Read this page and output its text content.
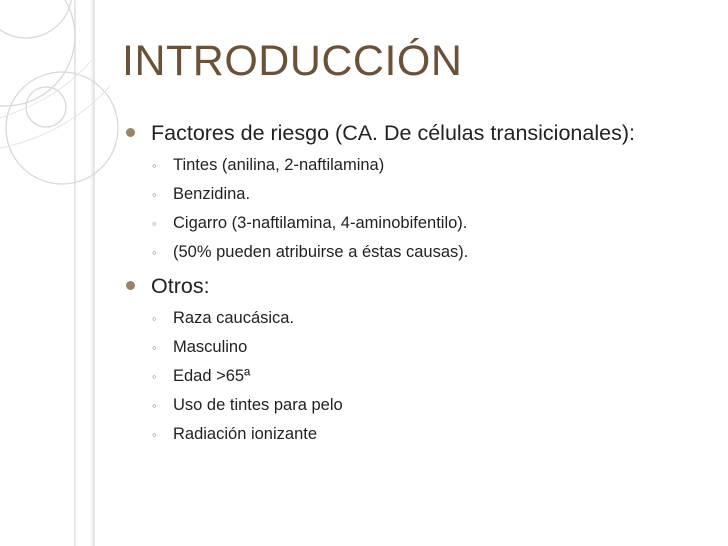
INTRODUCCIÓN
Factores de riesgo (CA. De células transicionales):
◦ Tintes (anilina, 2-naftilamina)
◦ Benzidina.
◦ Cigarro (3-naftilamina, 4-aminobifentilo).
◦ (50% pueden atribuirse a éstas causas).
Otros:
◦ Raza caucásica.
◦ Masculino
◦ Edad >65ª
◦ Uso de tintes para pelo
◦ Radiación ionizante
